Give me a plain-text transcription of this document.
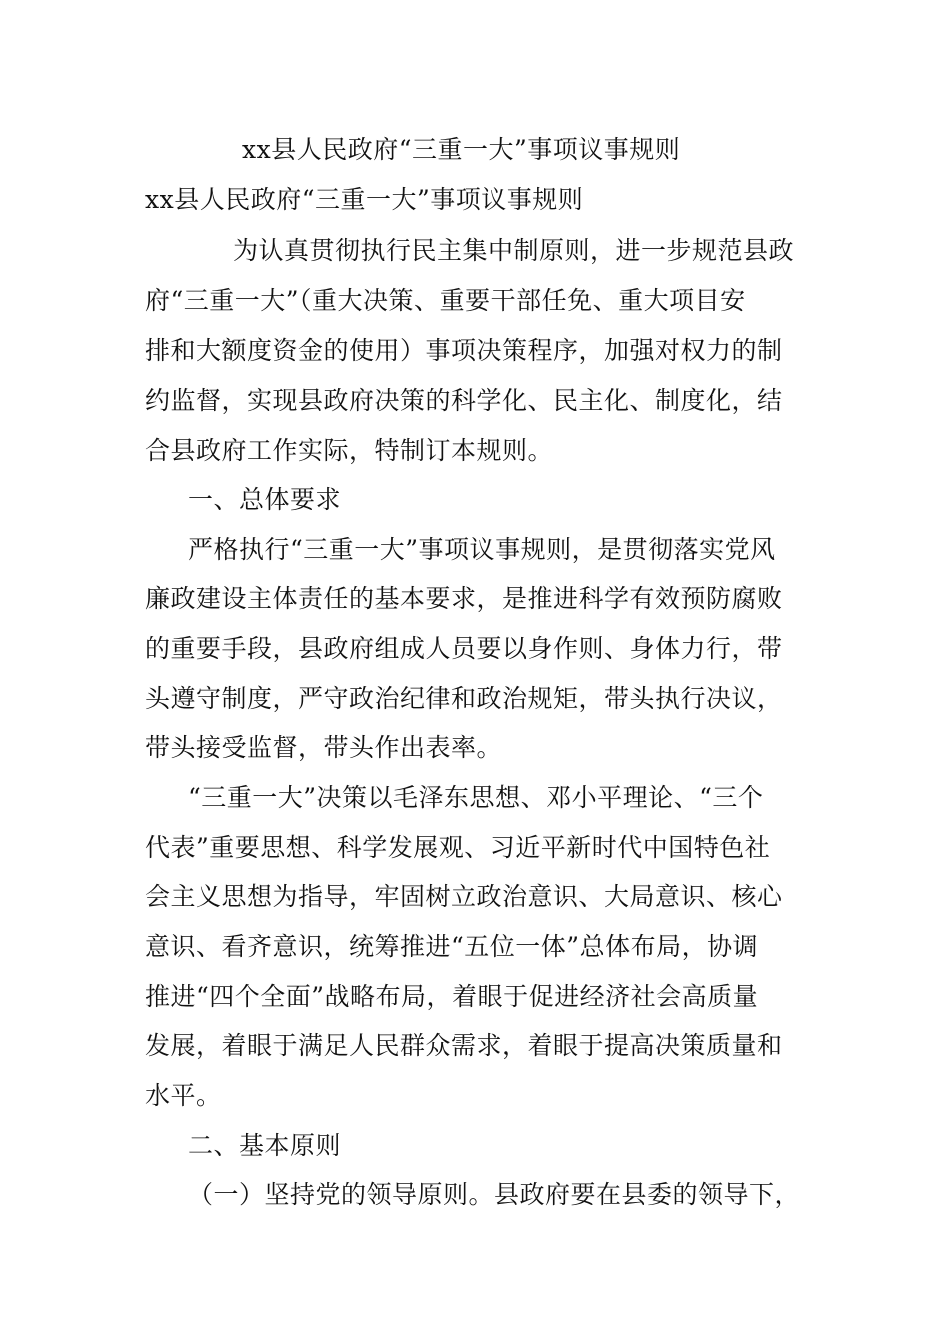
xx县人民政府“三重一大”事项议事规则
xx县人民政府“三重一大”事项议事规则
为认真贯彻执行民主集中制原则，进一步规范县政
府“三重一大”（重大决策、重要干部任免、重大项目安
排和大额度资金的使用）事项决策程序，加强对权力的制
约监督，实现县政府决策的科学化、民主化、制度化，结
合县政府工作实际，特制订本规则。
一、总体要求
严格执行“三重一大”事项议事规则，是贯彻落实党风
廉政建设主体责任的基本要求，是推进科学有效预防腐败
的重要手段，县政府组成人员要以身作则、身体力行，带
头遵守制度，严守政治纪律和政治规矩，带头执行决议，
带头接受监督，带头作出表率。
“三重一大”决策以毛泽东思想、邓小平理论、“三个
代表”重要思想、科学发展观、习近平新时代中国特色社
会主义思想为指导，牢固树立政治意识、大局意识、核心
意识、看齐意识，统筹推进“五位一体”总体布局，协调
推进“四个全面”战略布局，着眼于促进经济社会高质量
发展，着眼于满足人民群众需求，着眼于提高决策质量和
水平。
二、基本原则
（一）坚持党的领导原则。县政府要在县委的领导下，
